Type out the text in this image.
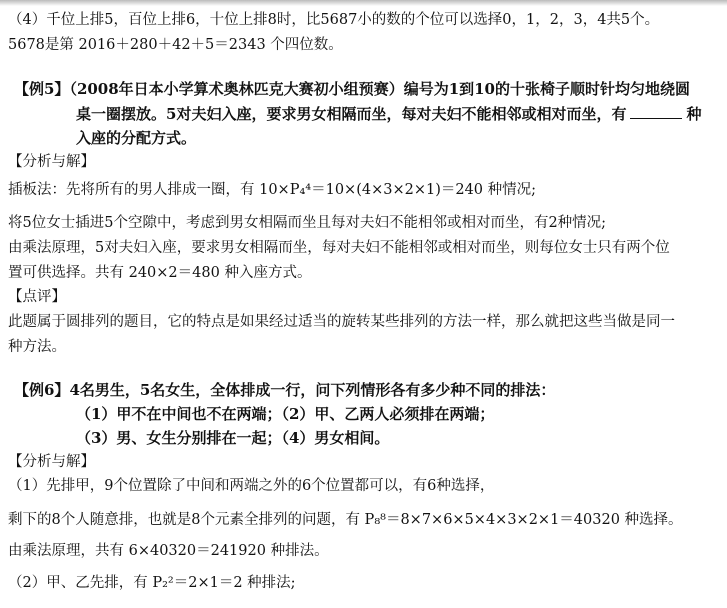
（4）千位上排5，百位上排6，十位上排8时，比5687小的数的个位可以选择0，1，2，3，4共5个。
5678是第 2016＋280＋42＋5＝2343 个四位数。
【例5】（2008年日本小学算术奥林匹克大赛初小组预赛）编号为1到10的十张椅子顺时针均匀地绕圆
桌一圈摆放。5对夫妇入座，要求男女相隔而坐，每对夫妇不能相邻或相对而坐，有	种
入座的分配方式。
【分析与解】
插板法：先将所有的男人排成一圈，有 10×P₄⁴＝10×(4×3×2×1)＝240 种情况;
将5位女士插进5个空隙中，考虑到男女相隔而坐且每对夫妇不能相邻或相对而坐，有2种情况;
由乘法原理，5对夫妇入座，要求男女相隔而坐，每对夫妇不能相邻或相对而坐，则每位女士只有两个位
置可供选择。共有 240×2＝480 种入座方式。
【点评】
此题属于圆排列的题目，它的特点是如果经过适当的旋转某些排列的方法一样，那么就把这些当做是同一
种方法。
【例6】4名男生，5名女生，全体排成一行，问下列情形各有多少种不同的排法：
（1）甲不在中间也不在两端；（2）甲、乙两人必须排在两端；
（3）男、女生分别排在一起；（4）男女相间。
【分析与解】
（1）先排甲，9个位置除了中间和两端之外的6个位置都可以，有6种选择，
剩下的8个人随意排，也就是8个元素全排列的问题，有 P₈⁸＝8×7×6×5×4×3×2×1＝40320 种选择。
由乘法原理，共有 6×40320＝241920 种排法。
（2）甲、乙先排，有 P₂²＝2×1＝2 种排法;
